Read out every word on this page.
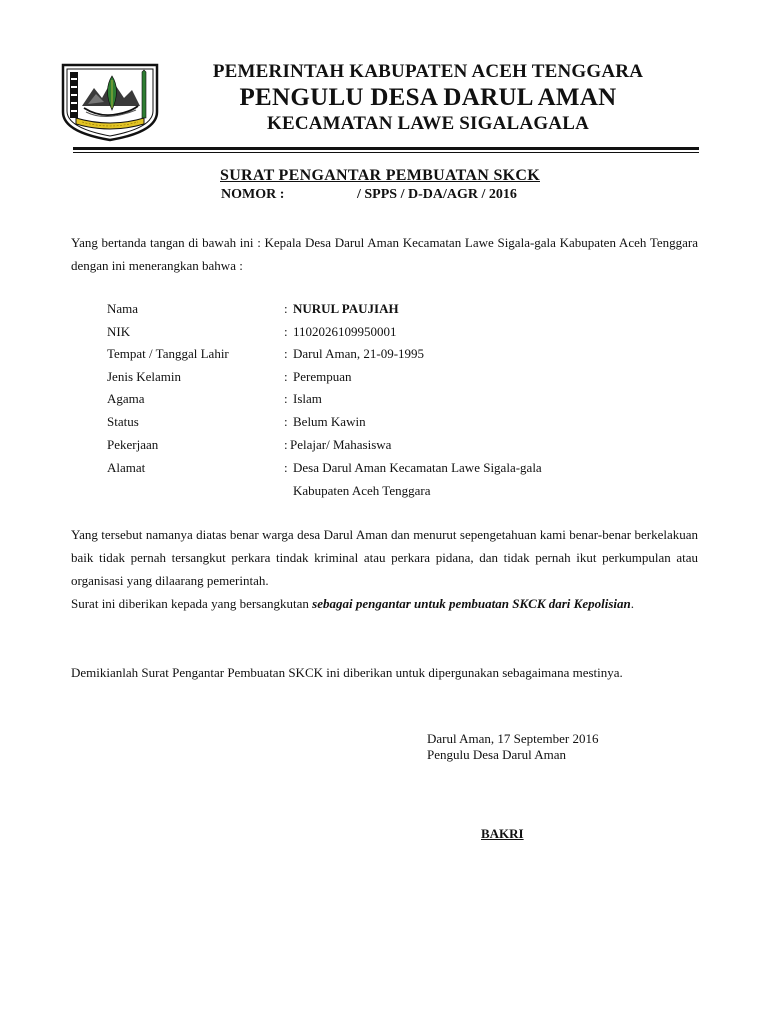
PEMERINTAH KABUPATEN ACEH TENGGARA
PENGULU DESA DARUL AMAN
KECAMATAN LAWE SIGALAGALA
SURAT PENGANTAR PEMBUATAN SKCK
NOMOR :	/ SPPS / D-DA/AGR / 2016
Yang bertanda tangan di bawah ini : Kepala Desa Darul Aman Kecamatan Lawe Sigala-gala Kabupaten Aceh Tenggara dengan ini menerangkan bahwa :
Nama	: NURUL PAUJIAH
NIK	: 1102026109950001
Tempat / Tanggal Lahir	: Darul Aman, 21-09-1995
Jenis Kelamin	: Perempuan
Agama	: Islam
Status	: Belum Kawin
Pekerjaan	: Pelajar/ Mahasiswa
Alamat	: Desa Darul Aman Kecamatan Lawe Sigala-gala
Kabupaten Aceh Tenggara
Yang tersebut namanya diatas benar warga desa Darul Aman dan menurut sepengetahuan kami benar-benar berkelakuan baik tidak pernah tersangkut perkara tindak kriminal atau perkara pidana, dan tidak pernah ikut perkumpulan atau organisasi yang dilaarang pemerintah.
Surat ini diberikan kepada yang bersangkutan sebagai pengantar untuk pembuatan SKCK dari Kepolisian.
Demikianlah Surat Pengantar Pembuatan SKCK ini diberikan untuk dipergunakan sebagaimana mestinya.
Darul Aman, 17 September 2016
Pengulu Desa Darul Aman
BAKRI
